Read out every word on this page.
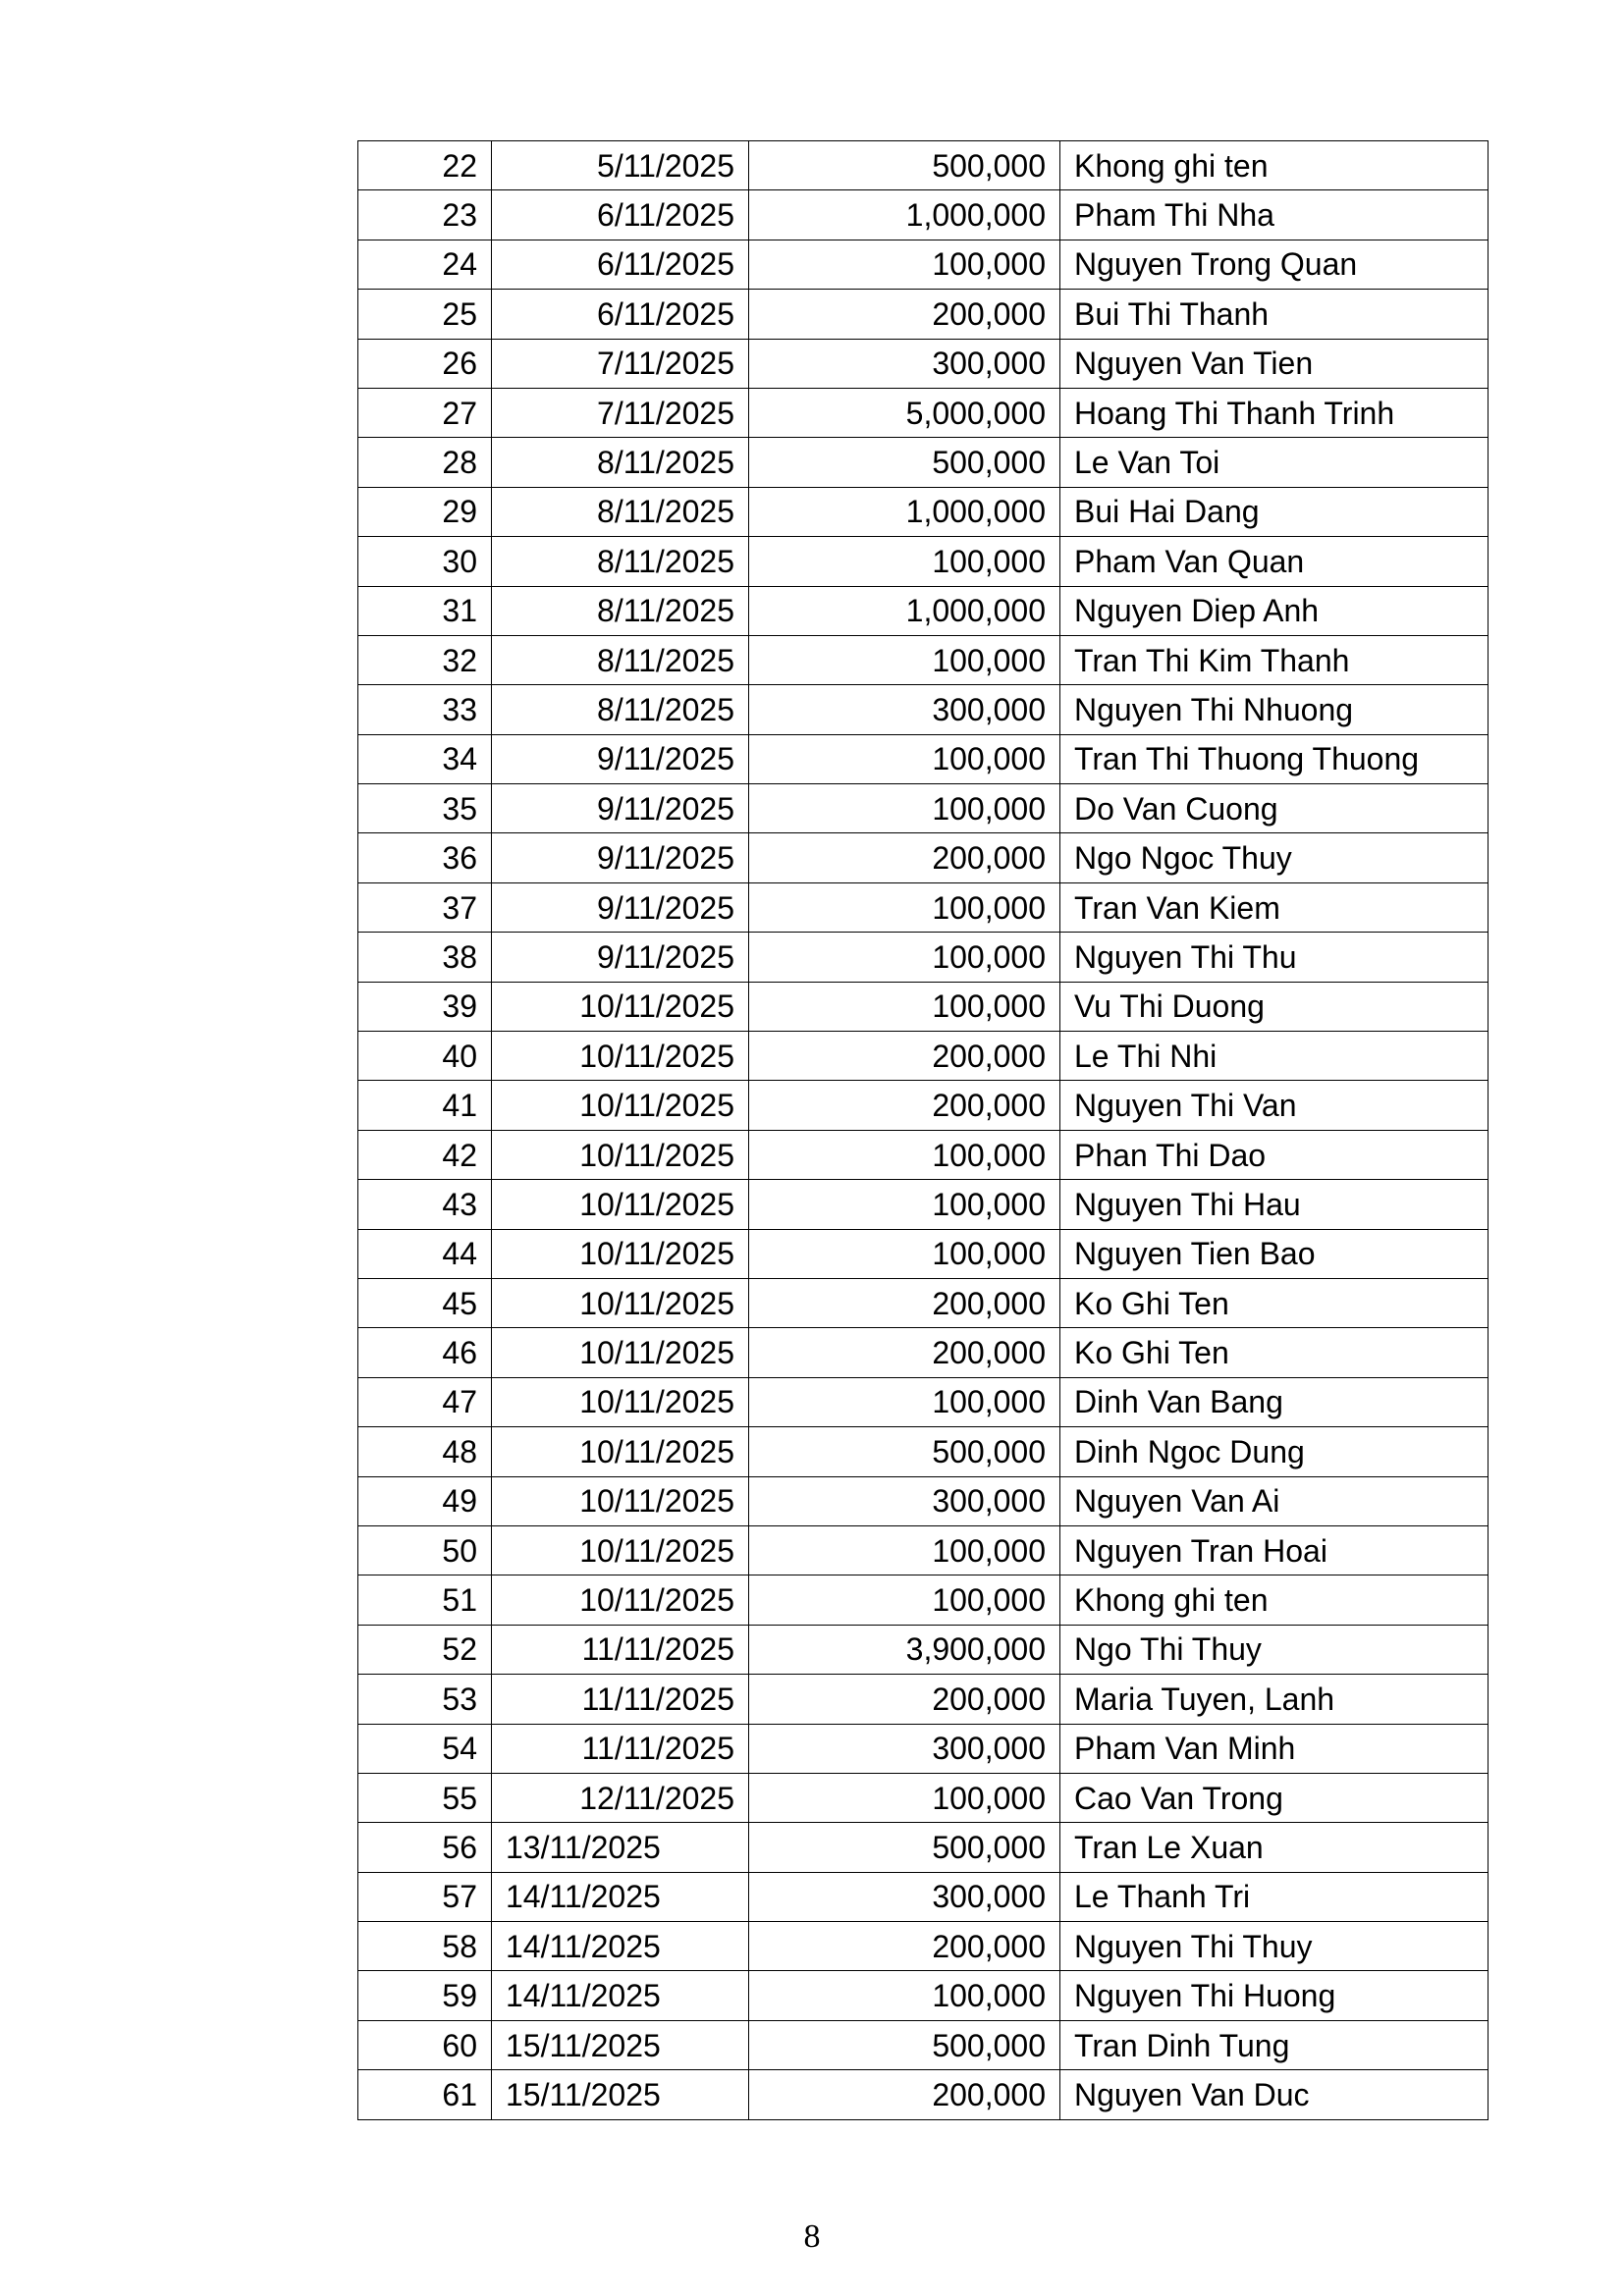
22	5/11/2025	500,000	Khong ghi ten
23	6/11/2025	1,000,000	Pham Thi Nha
24	6/11/2025	100,000	Nguyen Trong Quan
25	6/11/2025	200,000	Bui Thi Thanh
26	7/11/2025	300,000	Nguyen Van Tien
27	7/11/2025	5,000,000	Hoang Thi Thanh Trinh
28	8/11/2025	500,000	Le Van Toi
29	8/11/2025	1,000,000	Bui Hai Dang
30	8/11/2025	100,000	Pham Van Quan
31	8/11/2025	1,000,000	Nguyen Diep Anh
32	8/11/2025	100,000	Tran Thi Kim Thanh
33	8/11/2025	300,000	Nguyen Thi Nhuong
34	9/11/2025	100,000	Tran Thi Thuong Thuong
35	9/11/2025	100,000	Do Van Cuong
36	9/11/2025	200,000	Ngo Ngoc Thuy
37	9/11/2025	100,000	Tran Van Kiem
38	9/11/2025	100,000	Nguyen Thi Thu
39	10/11/2025	100,000	Vu Thi Duong
40	10/11/2025	200,000	Le Thi Nhi
41	10/11/2025	200,000	Nguyen Thi Van
42	10/11/2025	100,000	Phan Thi Dao
43	10/11/2025	100,000	Nguyen Thi Hau
44	10/11/2025	100,000	Nguyen Tien Bao
45	10/11/2025	200,000	Ko Ghi Ten
46	10/11/2025	200,000	Ko Ghi Ten
47	10/11/2025	100,000	Dinh Van Bang
48	10/11/2025	500,000	Dinh Ngoc Dung
49	10/11/2025	300,000	Nguyen Van Ai
50	10/11/2025	100,000	Nguyen Tran Hoai
51	10/11/2025	100,000	Khong ghi ten
52	11/11/2025	3,900,000	Ngo Thi Thuy
53	11/11/2025	200,000	Maria Tuyen, Lanh
54	11/11/2025	300,000	Pham Van Minh
55	12/11/2025	100,000	Cao Van Trong
56	13/11/2025	500,000	Tran Le Xuan
57	14/11/2025	300,000	Le Thanh Tri
58	14/11/2025	200,000	Nguyen Thi Thuy
59	14/11/2025	100,000	Nguyen Thi Huong
60	15/11/2025	500,000	Tran Dinh Tung
61	15/11/2025	200,000	Nguyen Van Duc
8
